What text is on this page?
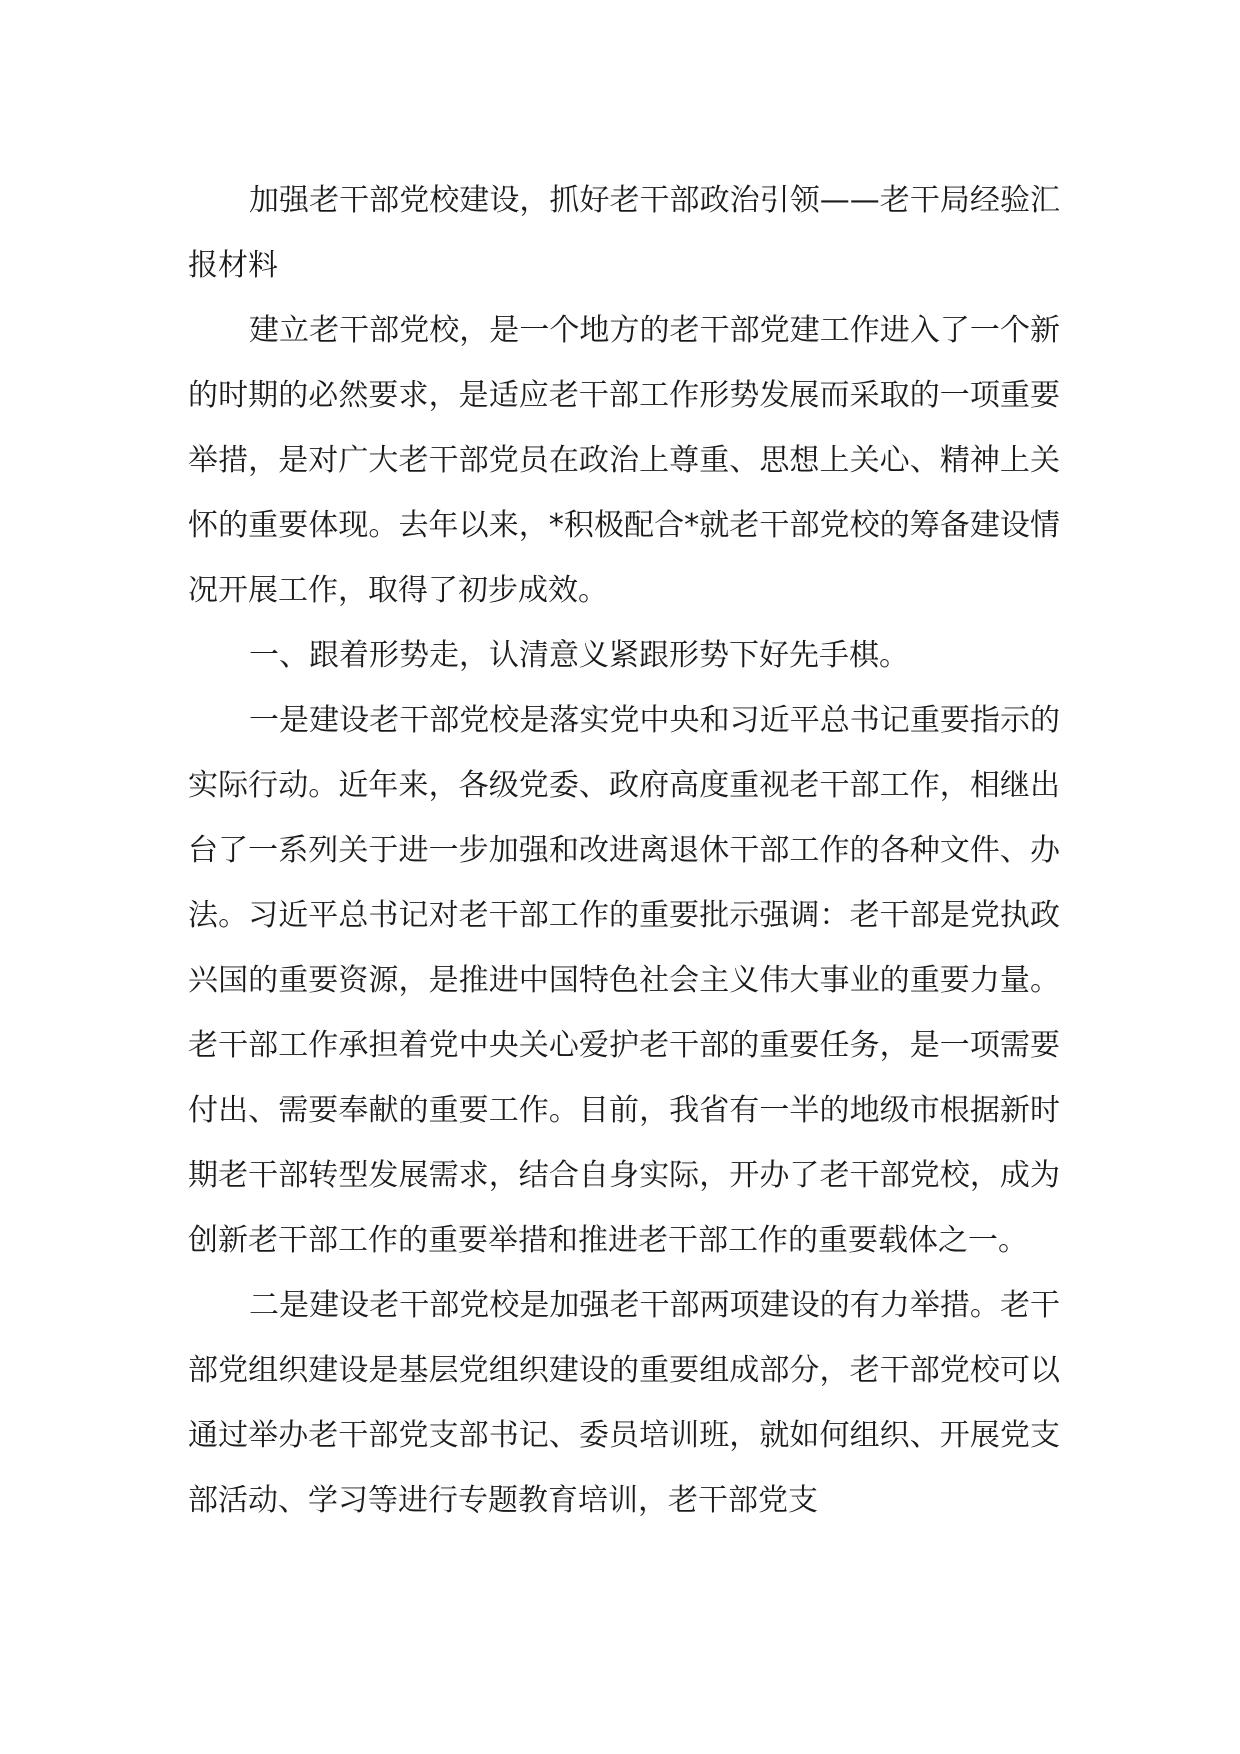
加强老干部党校建设，抓好老干部政治引领——老干局经验汇报材料

建立老干部党校，是一个地方的老干部党建工作进入了一个新的时期的必然要求，是适应老干部工作形势发展而采取的一项重要举措，是对广大老干部党员在政治上尊重、思想上关心、精神上关怀的重要体现。去年以来，*积极配合*就老干部党校的筹备建设情况开展工作，取得了初步成效。

一、跟着形势走，认清意义紧跟形势下好先手棋。

一是建设老干部党校是落实党中央和习近平总书记重要指示的实际行动。近年来，各级党委、政府高度重视老干部工作，相继出台了一系列关于进一步加强和改进离退休干部工作的各种文件、办法。习近平总书记对老干部工作的重要批示强调：老干部是党执政兴国的重要资源，是推进中国特色社会主义伟大事业的重要力量。老干部工作承担着党中央关心爱护老干部的重要任务，是一项需要付出、需要奉献的重要工作。目前，我省有一半的地级市根据新时期老干部转型发展需求，结合自身实际，开办了老干部党校，成为创新老干部工作的重要举措和推进老干部工作的重要载体之一。

二是建设老干部党校是加强老干部两项建设的有力举措。老干部党组织建设是基层党组织建设的重要组成部分，老干部党校可以通过举办老干部党支部书记、委员培训班，就如何组织、开展党支部活动、学习等进行专题教育培训，老干部党支
